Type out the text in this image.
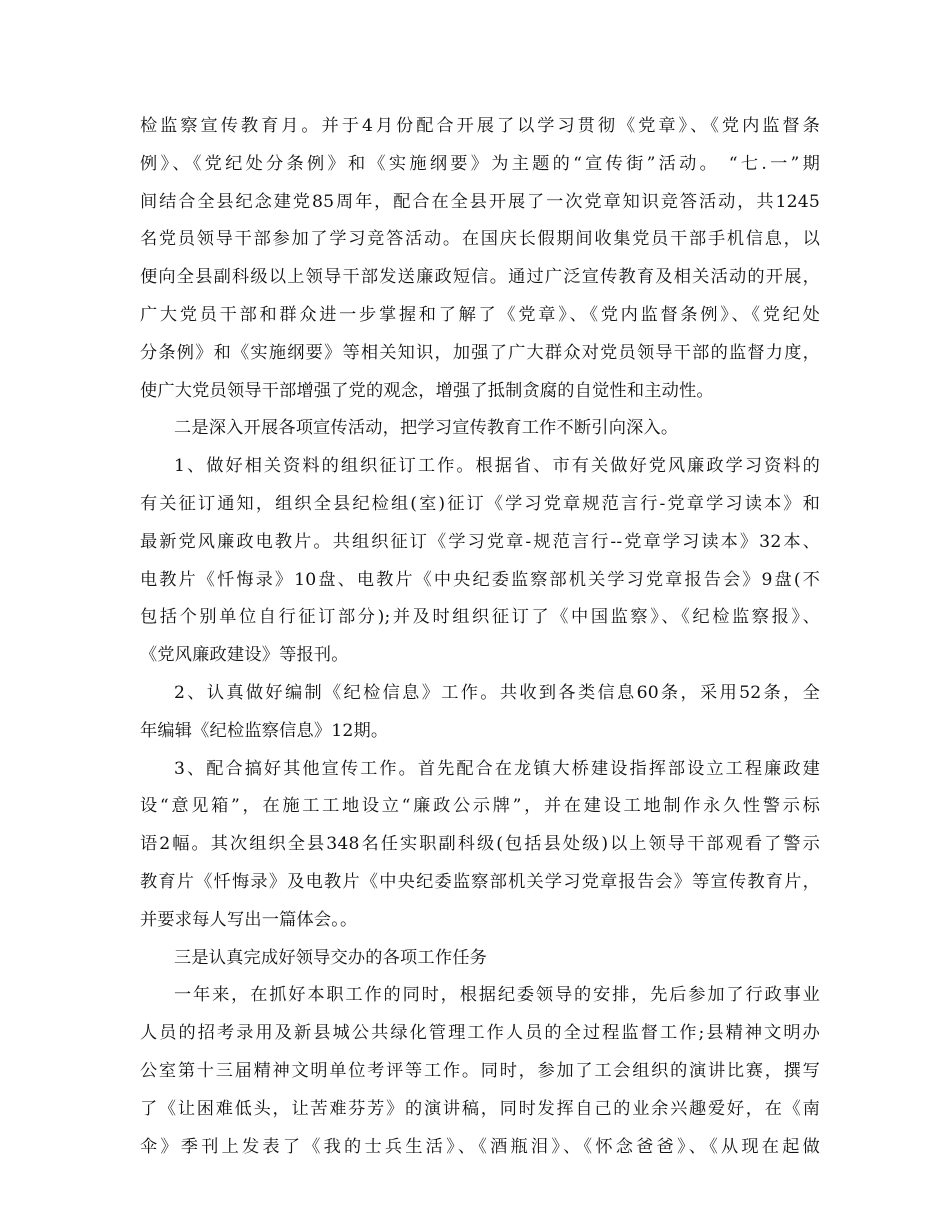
检监察宣传教育月。并于4月份配合开展了以学习贯彻《党章》、《党内监督条
例》、《党纪处分条例》和《实施纲要》为主题的“宣传街”活动。 “七.一”期
间结合全县纪念建党85周年，配合在全县开展了一次党章知识竞答活动，共1245
名党员领导干部参加了学习竞答活动。在国庆长假期间收集党员干部手机信息，以
便向全县副科级以上领导干部发送廉政短信。通过广泛宣传教育及相关活动的开展，
广大党员干部和群众进一步掌握和了解了《党章》、《党内监督条例》、《党纪处
分条例》和《实施纲要》等相关知识，加强了广大群众对党员领导干部的监督力度，
使广大党员领导干部增强了党的观念，增强了抵制贪腐的自觉性和主动性。
二是深入开展各项宣传活动，把学习宣传教育工作不断引向深入。
1、做好相关资料的组织征订工作。根据省、市有关做好党风廉政学习资料的
有关征订通知，组织全县纪检组(室)征订《学习党章规范言行-党章学习读本》和
最新党风廉政电教片。共组织征订《学习党章-规范言行--党章学习读本》32本、
电教片《忏悔录》10盘、电教片《中央纪委监察部机关学习党章报告会》9盘(不
包括个别单位自行征订部分);并及时组织征订了《中国监察》、《纪检监察报》、
《党风廉政建设》等报刊。
2、认真做好编制《纪检信息》工作。共收到各类信息60条，采用52条，全
年编辑《纪检监察信息》12期。
3、配合搞好其他宣传工作。首先配合在龙镇大桥建设指挥部设立工程廉政建
设“意见箱”，在施工工地设立“廉政公示牌”，并在建设工地制作永久性警示标
语2幅。其次组织全县348名任实职副科级(包括县处级)以上领导干部观看了警示
教育片《忏悔录》及电教片《中央纪委监察部机关学习党章报告会》等宣传教育片，
并要求每人写出一篇体会。。
三是认真完成好领导交办的各项工作任务
一年来，在抓好本职工作的同时，根据纪委领导的安排，先后参加了行政事业
人员的招考录用及新县城公共绿化管理工作人员的全过程监督工作;县精神文明办
公室第十三届精神文明单位考评等工作。同时，参加了工会组织的演讲比赛，撰写
了《让困难低头，让苦难芬芳》的演讲稿，同时发挥自己的业余兴趣爱好，在《南
伞》季刊上发表了《我的士兵生活》、《酒瓶泪》、《怀念爸爸》、《从现在起做
